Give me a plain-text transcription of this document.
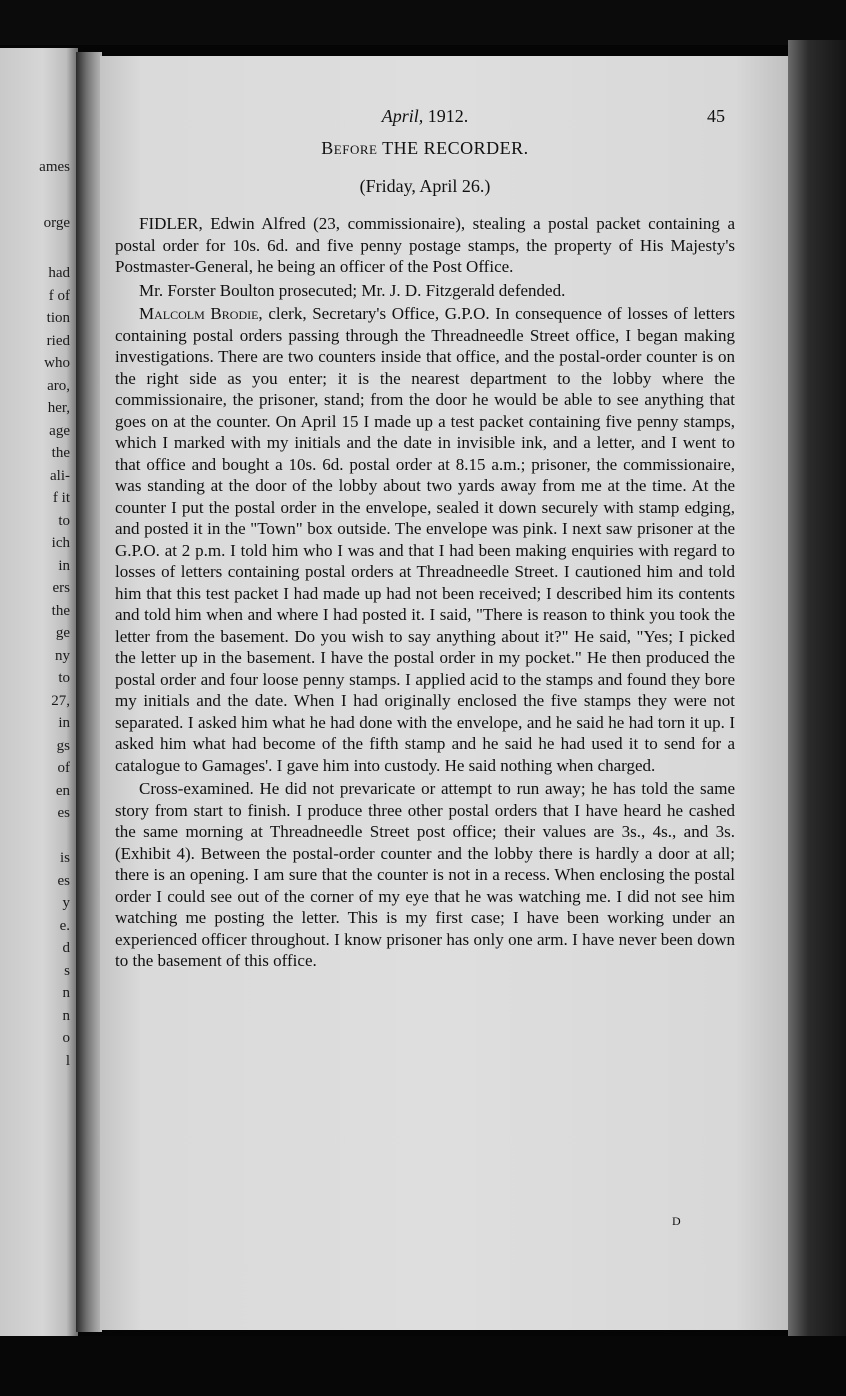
ames
orge
had
f of
tion
ried
who
aro,
her,
age
the
ali-
f it
to
ich
in
ers
the
ge
ny
to
27,
in
gs
of
en
es
is
es
y
e.
d
s
n
n
o
l
April, 1912.	45
Before THE RECORDER.
(Friday, April 26.)

FIDLER, Edwin Alfred (23, commissionaire), stealing a postal packet containing a postal order for 10s. 6d. and five penny postage stamps, the property of His Majesty's Postmaster-General, he being an officer of the Post Office.

Mr. Forster Boulton prosecuted; Mr. J. D. Fitzgerald defended.

Malcolm Brodie, clerk, Secretary's Office, G.P.O. In consequence of losses of letters containing postal orders passing through the Threadneedle Street office, I began making investigations. There are two counters inside that office, and the postal-order counter is on the right side as you enter; it is the nearest department to the lobby where the commissionaire, the prisoner, stand; from the door he would be able to see anything that goes on at the counter. On April 15 I made up a test packet containing five penny stamps, which I marked with my initials and the date in invisible ink, and a letter, and I went to that office and bought a 10s. 6d. postal order at 8.15 a.m.; prisoner, the commissionaire, was standing at the door of the lobby about two yards away from me at the time. At the counter I put the postal order in the envelope, sealed it down securely with stamp edging, and posted it in the "Town" box outside. The envelope was pink. I next saw prisoner at the G.P.O. at 2 p.m. I told him who I was and that I had been making enquiries with regard to losses of letters containing postal orders at Threadneedle Street. I cautioned him and told him that this test packet I had made up had not been received; I described him its contents and told him when and where I had posted it. I said, "There is reason to think you took the letter from the basement. Do you wish to say anything about it?" He said, "Yes; I picked the letter up in the basement. I have the postal order in my pocket." He then produced the postal order and four loose penny stamps. I applied acid to the stamps and found they bore my initials and the date. When I had originally enclosed the five stamps they were not separated. I asked him what he had done with the envelope, and he said he had torn it up. I asked him what had become of the fifth stamp and he said he had used it to send for a catalogue to Gamages'. I gave him into custody. He said nothing when charged.

Cross-examined. He did not prevaricate or attempt to run away; he has told the same story from start to finish. I produce three other postal orders that I have heard he cashed the same morning at Threadneedle Street post office; their values are 3s., 4s., and 3s. (Exhibit 4). Between the postal-order counter and the lobby there is hardly a door at all; there is an opening. I am sure that the counter is not in a recess. When enclosing the postal order I could see out of the corner of my eye that he was watching me. I did not see him watching me posting the letter. This is my first case; I have been working under an experienced officer throughout. I know prisoner has only one arm. I have never been down to the basement of this office.

D
